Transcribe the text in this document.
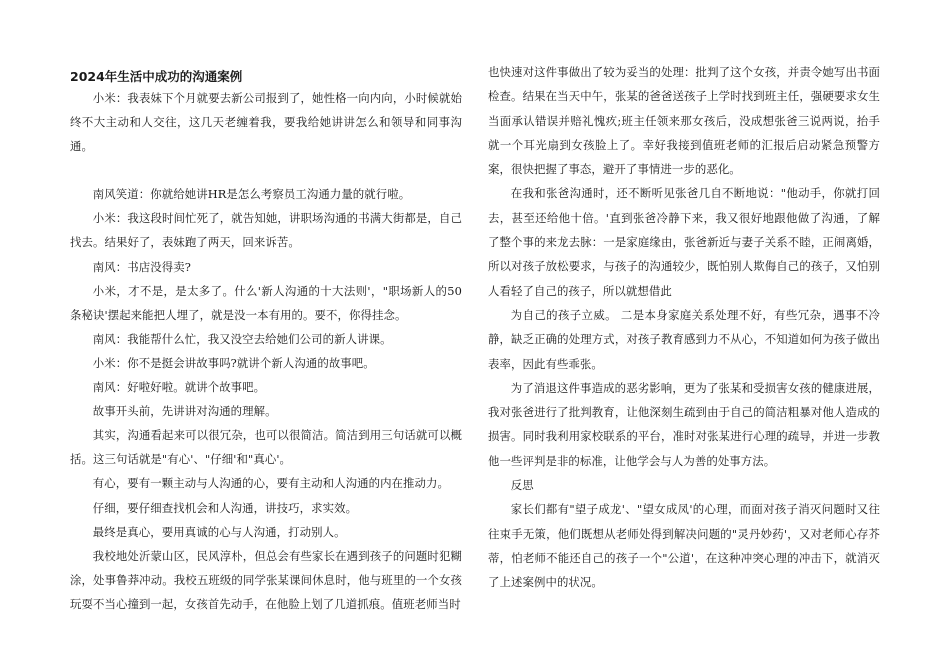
2024年生活中成功的沟通案例

小米：我表妹下个月就要去新公司报到了，她性格一向内向，小时候就始终不大主动和人交往，这几天老缠着我，要我给她讲讲怎么和领导和同事沟通。

南风笑道：你就给她讲HR是怎么考察员工沟通力量的就行啦。

小米：我这段时间忙死了，就告知她，讲职场沟通的书满大街都是，自己找去。结果好了，表妹跑了两天，回来诉苦。

南风：书店没得卖?

小米，才不是，是太多了。什么'新人沟通的十大法则'，"职场新人的50条秘诀'摆起来能把人埋了，就是没一本有用的。要不，你得挂念。

南风：我能帮什么忙，我又没空去给她们公司的新人讲课。

小米：你不是挺会讲故事吗?就讲个新人沟通的故事吧。

南风：好啦好啦。就讲个故事吧。

故事开头前，先讲讲对沟通的理解。

其实，沟通看起来可以很冗杂，也可以很简洁。简洁到用三句话就可以概括。这三句话就是"有心'、"仔细'和"真心'。

有心，要有一颗主动与人沟通的心，要有主动和人沟通的内在推动力。

仔细，要仔细查找机会和人沟通，讲技巧，求实效。

最终是真心，要用真诚的心与人沟通，打动别人。

我校地处沂蒙山区，民风淳朴，但总会有些家长在遇到孩子的问题时犯糊涂，处事鲁莽冲动。我校五班级的同学张某课间休息时，他与班里的一个女孩玩耍不当心撞到一起，女孩首先动手，在他脸上划了几道抓痕。值班老师当时

也快速对这件事做出了较为妥当的处理：批判了这个女孩，并责令她写出书面检查。结果在当天中午，张某的爸爸送孩子上学时找到班主任，强硬要求女生当面承认错误并赔礼愧疚;班主任领来那女孩后，没成想张爸三说两说，抬手就一个耳光扇到女孩脸上了。幸好我接到值班老师的汇报后启动紧急预警方案，很快把握了事态，避开了事情进一步的恶化。

在我和张爸沟通时，还不断听见张爸几自不断地说："他动手，你就打回去，甚至还给他十倍。'直到张爸冷静下来，我又很好地跟他做了沟通，了解了整个事的来龙去脉：一是家庭缘由，张爸新近与妻子关系不睦，正闹离婚，所以对孩子放松要求，与孩子的沟通较少，既怕别人欺侮自己的孩子，又怕别人看轻了自己的孩子，所以就想借此

为自己的孩子立威。 二是本身家庭关系处理不好，有些冗杂，遇事不冷静，缺乏正确的处理方式，对孩子教育感到力不从心，不知道如何为孩子做出表率，因此有些乖张。

为了消退这件事造成的恶劣影响，更为了张某和受损害女孩的健康进展，我对张爸进行了批判教育，让他深刻生疏到由于自己的简洁粗暴对他人造成的损害。同时我利用家校联系的平台，准时对张某进行心理的疏导，并进一步教他一些评判是非的标准，让他学会与人为善的处事方法。

反思

家长们都有"望子成龙'、"望女成凤'的心理，而面对孩子消灭问题时又往往束手无策，他们既想从老师处得到解决问题的"灵丹妙药'，又对老师心存芥蒂，怕老师不能还自己的孩子一个"公道'，在这种冲突心理的冲击下，就消灭了上述案例中的状况。
